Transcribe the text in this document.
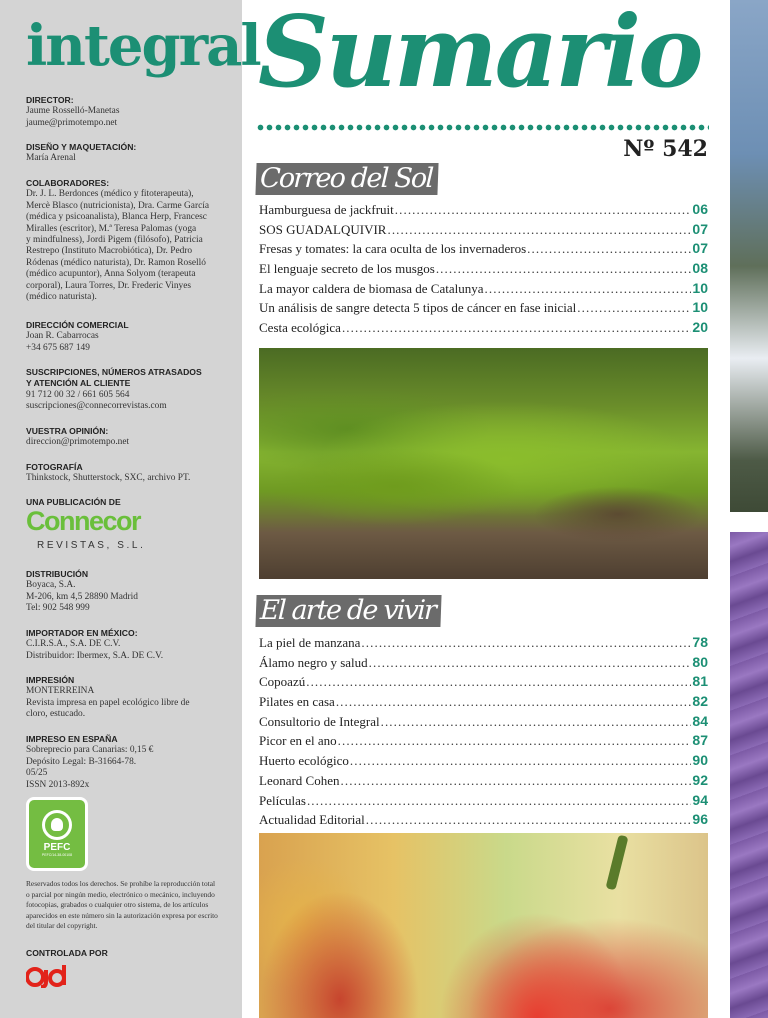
integral
DIRECTOR:
Jaume Rosselló-Manetas
jaume@primotempo.net
DISEÑO Y MAQUETACIÓN:
María Arenal
COLABORADORES:
Dr. J. L. Berdonces (médico y fitoterapeuta),
Mercè Blasco (nutricionista), Dra. Carme García
(médica y psicoanalista), Blanca Herp, Francesc
Miralles (escritor), M.ª Teresa Palomas (yoga
y mindfulness), Jordi Pigem (filósofo), Patricia
Restrepo (Instituto Macrobiótica), Dr. Pedro
Ródenas (médico naturista), Dr. Ramon Roselló
(médico acupuntor), Anna Solyom (terapeuta
corporal), Laura Torres, Dr. Frederic Vinyes
(médico naturista).
DIRECCIÓN COMERCIAL
Joan R. Cabarrocas
+34 675 687 149
SUSCRIPCIONES, NÚMEROS ATRASADOS
Y ATENCIÓN AL CLIENTE
91 712 00 32 / 661 605 564
suscripciones@connecorrevistas.com
VUESTRA OPINIÓN:
direccion@primotempo.net
FOTOGRAFÍA
Thinkstock, Shutterstock, SXC, archivo PT.
UNA PUBLICACIÓN DE
Connecor
REVISTAS, S.L.
DISTRIBUCIÓN
Boyaca, S.A.
M-206, km 4,5 28890 Madrid
Tel: 902 548 999
IMPORTADOR EN MÉXICO:
C.I.R.S.A., S.A. DE C.V.
Distribuidor: Ibermex, S.A. DE C.V.
IMPRESIÓN
MONTERREINA
Revista impresa en papel ecológico libre de
cloro, estucado.
IMPRESO EN ESPAÑA
Sobreprecio para Canarias: 0,15 €
Depósito Legal: B-31664-78.
05/25
ISSN 2013-892x
PEFC
PEFC/14-38-00108
Reservados todos los derechos. Se prohíbe la reproducción total o parcial por ningún medio, electrónico o mecánico, incluyendo fotocopias, grabados o cualquier otro sistema, de los artículos aparecidos en este número sin la autorización expresa por escrito del titular del copyright.
CONTROLADA POR
Sumario
Nº 542
Correo del Sol
Hamburguesa de jackfruit .....	06
SOS GUADALQUIVIR .....	07
Fresas y tomates: la cara oculta de los invernaderos .....	07
El lenguaje secreto de los musgos .....	08
La mayor caldera de biomasa de Catalunya .....	10
Un análisis de sangre detecta 5 tipos de cáncer en fase inicial .....	10
Cesta ecológica .....	20
El arte de vivir
La piel de manzana .....	78
Álamo negro y salud .....	80
Copoazú .....	81
Pilates en casa .....	82
Consultorio de Integral .....	84
Picor en el ano .....	87
Huerto ecológico .....	90
Leonard Cohen .....	92
Películas .....	94
Actualidad Editorial .....	96
